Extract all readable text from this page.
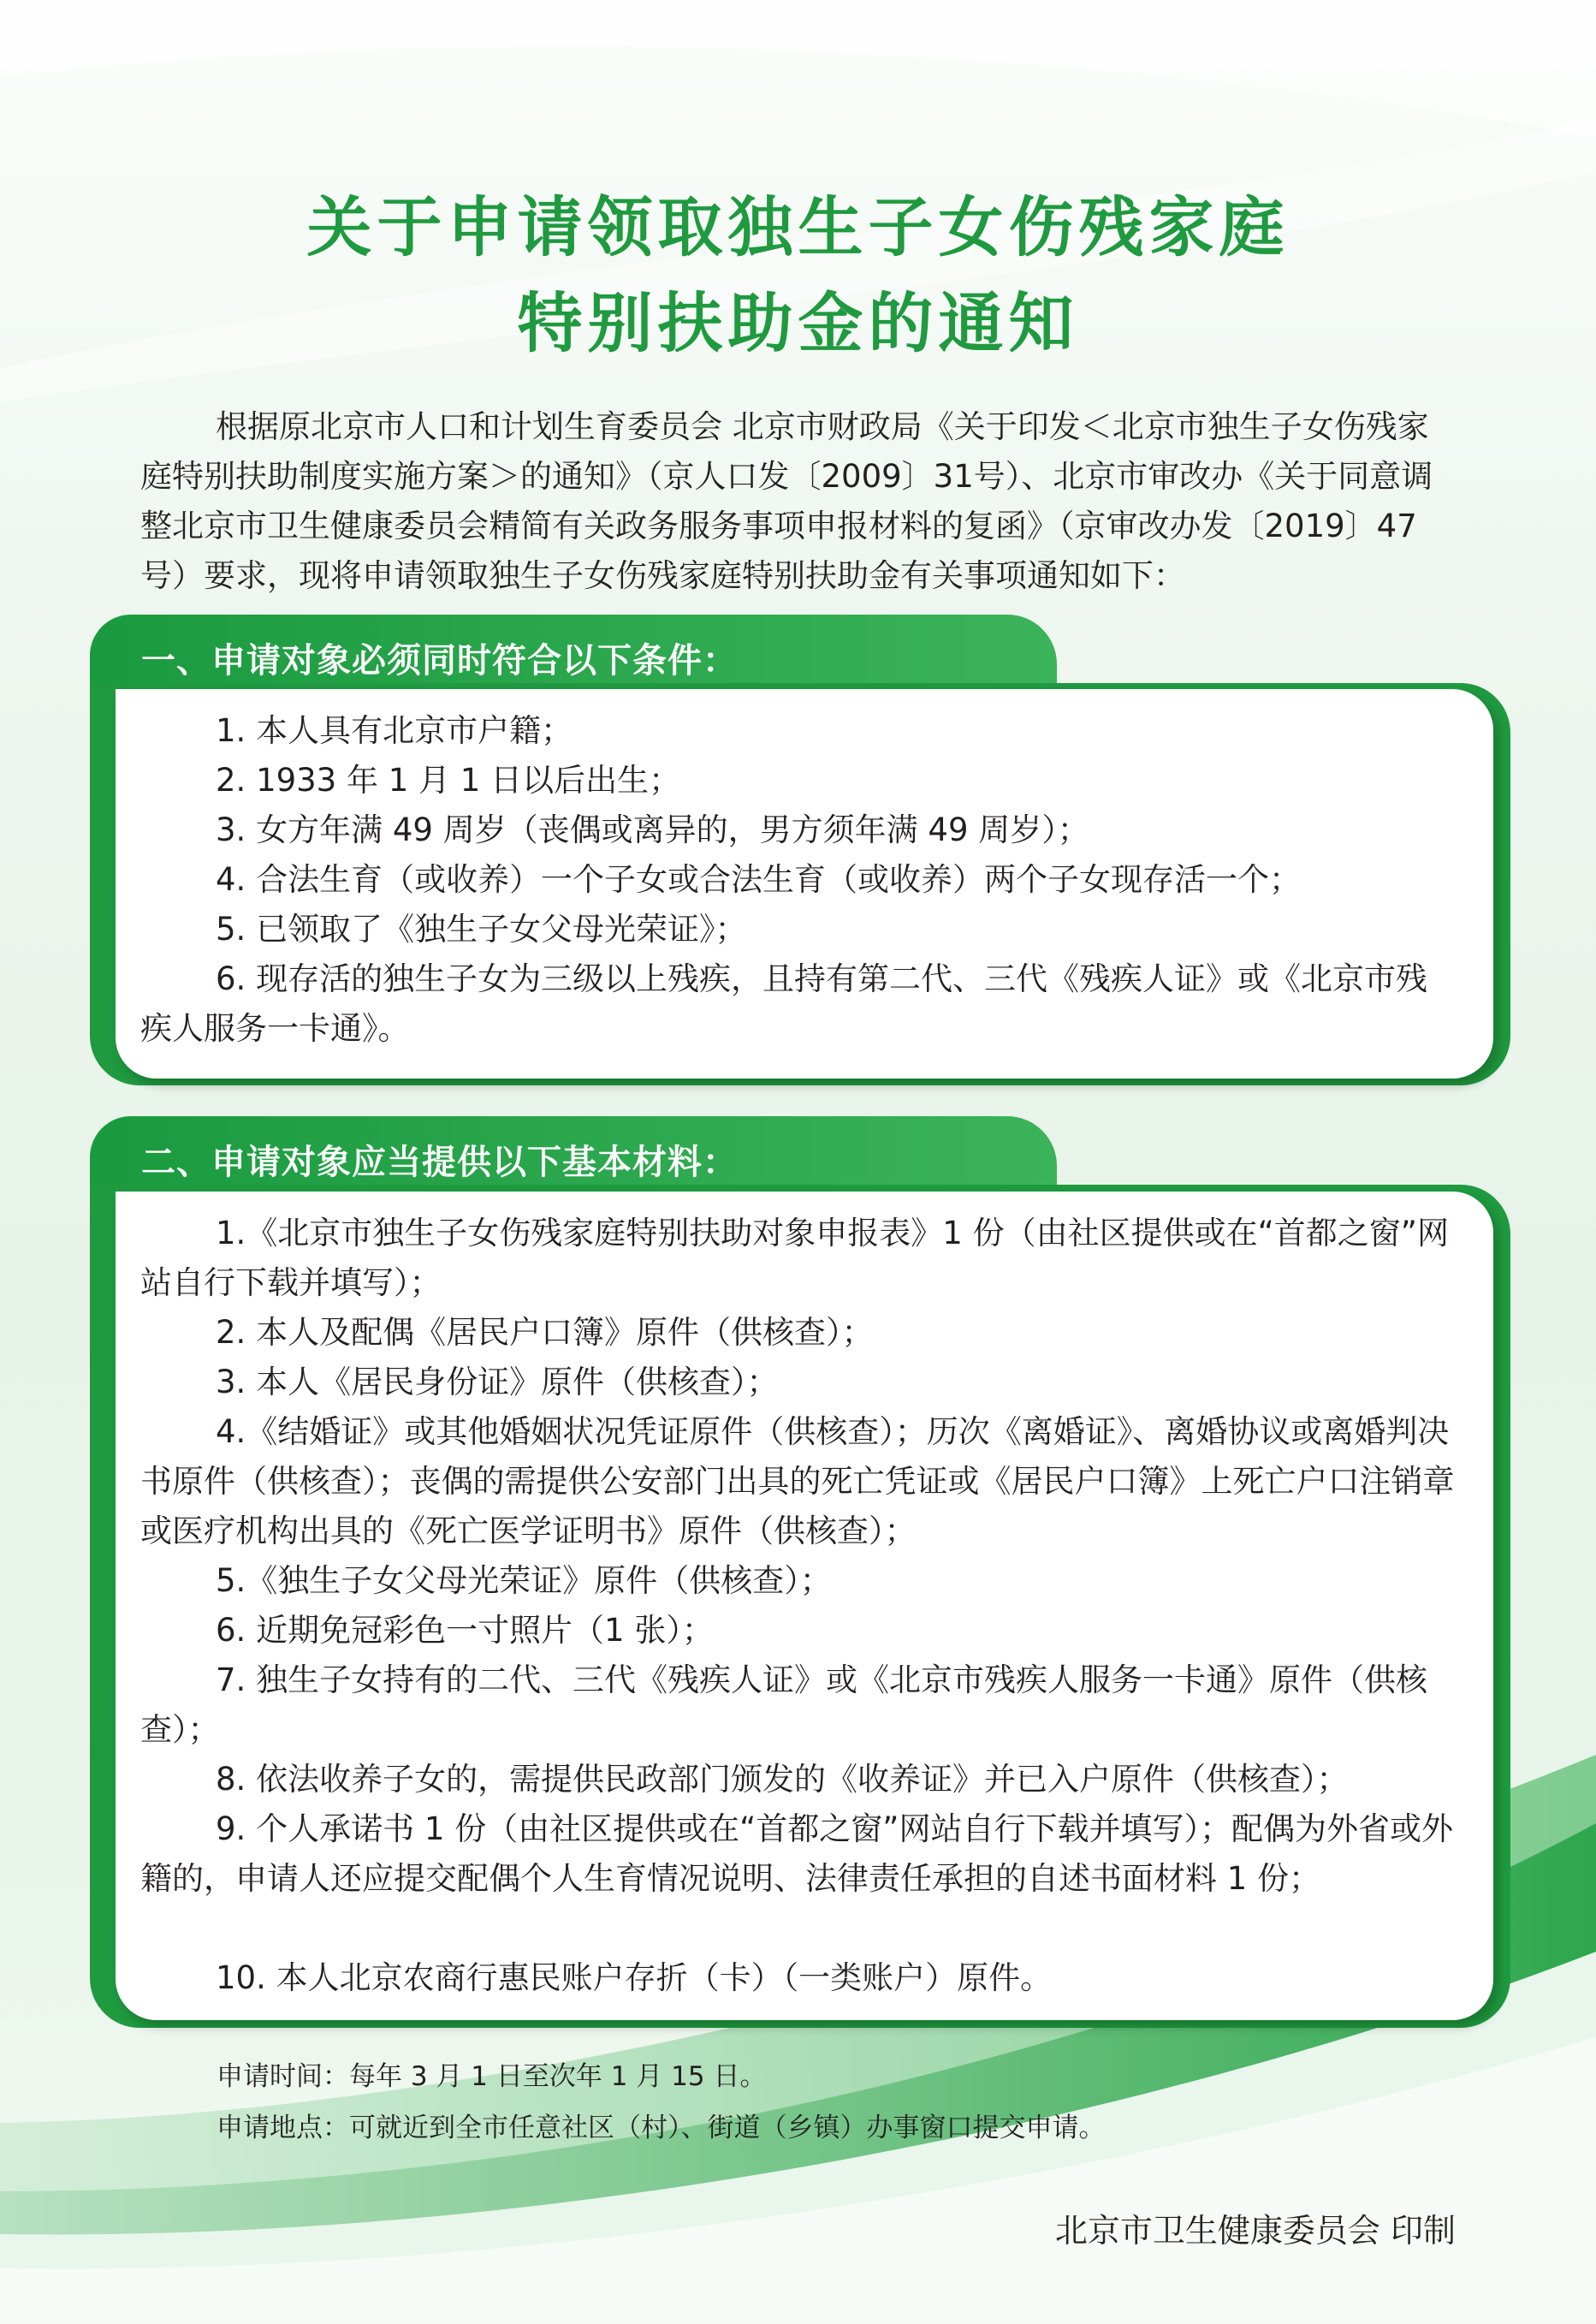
关于申请领取独生子女伤残家庭
特别扶助金的通知

根据原北京市人口和计划生育委员会 北京市财政局《关于印发＜北京市独生子女伤残家庭特别扶助制度实施方案＞的通知》（京人口发〔2009〕31号）、北京市审改办《关于同意调整北京市卫生健康委员会精简有关政务服务事项申报材料的复函》（京审改办发〔2019〕47号）要求，现将申请领取独生子女伤残家庭特别扶助金有关事项通知如下：

一、申请对象必须同时符合以下条件：

1. 本人具有北京市户籍；

2. 1933 年 1 月 1 日以后出生；

3. 女方年满 49 周岁（丧偶或离异的，男方须年满 49 周岁）；

4. 合法生育（或收养）一个子女或合法生育（或收养）两个子女现存活一个；

5. 已领取了《独生子女父母光荣证》；

6. 现存活的独生子女为三级以上残疾，且持有第二代、三代《残疾人证》或《北京市残疾人服务一卡通》。

二、申请对象应当提供以下基本材料：

1.《北京市独生子女伤残家庭特别扶助对象申报表》1 份（由社区提供或在“首都之窗”网站自行下载并填写）；

2. 本人及配偶《居民户口簿》原件（供核查）；

3. 本人《居民身份证》原件（供核查）；

4.《结婚证》或其他婚姻状况凭证原件（供核查）；历次《离婚证》、离婚协议或离婚判决书原件（供核查）；丧偶的需提供公安部门出具的死亡凭证或《居民户口簿》上死亡户口注销章或医疗机构出具的《死亡医学证明书》原件（供核查）；

5.《独生子女父母光荣证》原件（供核查）；

6. 近期免冠彩色一寸照片（1 张）；

7. 独生子女持有的二代、三代《残疾人证》或《北京市残疾人服务一卡通》原件（供核查）；

8. 依法收养子女的，需提供民政部门颁发的《收养证》并已入户原件（供核查）；

9. 个人承诺书 1 份（由社区提供或在“首都之窗”网站自行下载并填写）；配偶为外省或外籍的，申请人还应提交配偶个人生育情况说明、法律责任承担的自述书面材料 1 份；

10. 本人北京农商行惠民账户存折（卡）（一类账户）原件。

申请时间：每年 3 月 1 日至次年 1 月 15 日。

申请地点：可就近到全市任意社区（村）、街道（乡镇）办事窗口提交申请。

北京市卫生健康委员会 印制
